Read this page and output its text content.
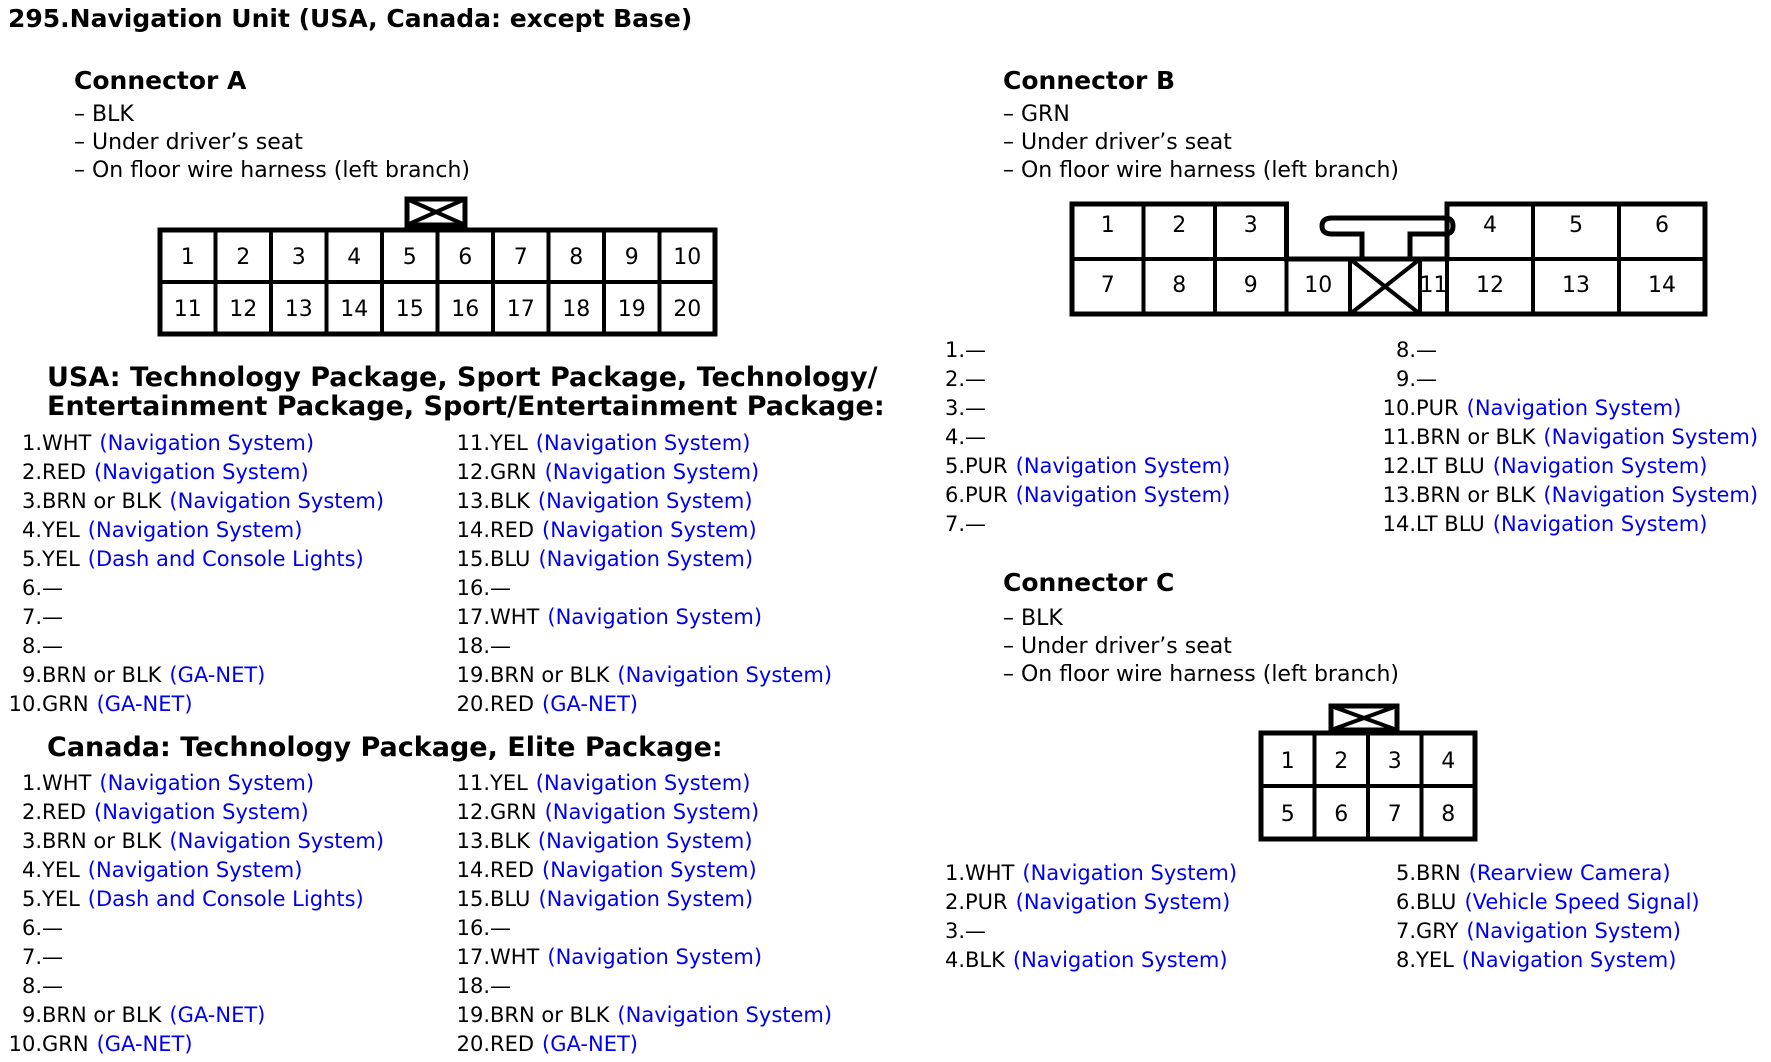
295.Navigation Unit (USA, Canada: except Base)
Connector A
– BLK
– Under driver’s seat
– On floor wire harness (left branch)
1 2 3 4 5 6 7 8 9 10
11 12 13 14 15 16 17 18 19 20
USA: Technology Package, Sport Package, Technology/
Entertainment Package, Sport/Entertainment Package:
1. WHT (Navigation System)
2. RED (Navigation System)
3. BRN or BLK (Navigation System)
4. YEL (Navigation System)
5. YEL (Dash and Console Lights)
6. —
7. —
8. —
9. BRN or BLK (GA-NET)
10. GRN (GA-NET)
11. YEL (Navigation System)
12. GRN (Navigation System)
13. BLK (Navigation System)
14. RED (Navigation System)
15. BLU (Navigation System)
16. —
17. WHT (Navigation System)
18. —
19. BRN or BLK (Navigation System)
20. RED (GA-NET)
Canada: Technology Package, Elite Package:
1. WHT (Navigation System)
2. RED (Navigation System)
3. BRN or BLK (Navigation System)
4. YEL (Navigation System)
5. YEL (Dash and Console Lights)
6. —
7. —
8. —
9. BRN or BLK (GA-NET)
10. GRN (GA-NET)
11. YEL (Navigation System)
12. GRN (Navigation System)
13. BLK (Navigation System)
14. RED (Navigation System)
15. BLU (Navigation System)
16. —
17. WHT (Navigation System)
18. —
19. BRN or BLK (Navigation System)
20. RED (GA-NET)
Connector B
– GRN
– Under driver’s seat
– On floor wire harness (left branch)
1	2	3	4	5	6
7	8	9 10	11 12	13	14
1. —
2. —
3. —
4. —
5. PUR (Navigation System)
6. PUR (Navigation System)
7. —
8. —
9. —
10. PUR (Navigation System)
11. BRN or BLK (Navigation System)
12. LT BLU (Navigation System)
13. BRN or BLK (Navigation System)
14. LT BLU (Navigation System)
Connector C
– BLK
– Under driver’s seat
– On floor wire harness (left branch)
1 2 3 4
5 6 7 8
1. WHT (Navigation System)
2. PUR (Navigation System)
3. —
4. BLK (Navigation System)
5. BRN (Rearview Camera)
6. BLU (Vehicle Speed Signal)
7. GRY (Navigation System)
8. YEL (Navigation System)
